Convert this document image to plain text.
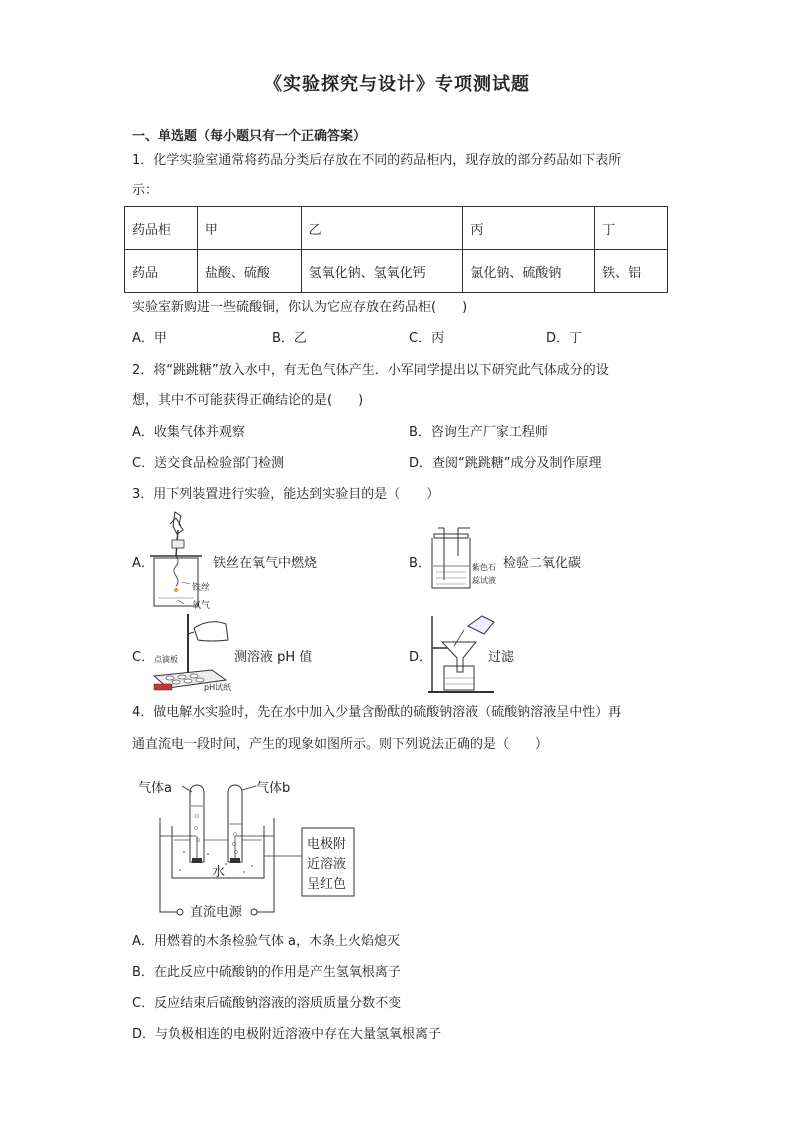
《实验探究与设计》专项测试题
一、单选题（每小题只有一个正确答案）
1．化学实验室通常将药品分类后存放在不同的药品柜内，现存放的部分药品如下表所
示：
药品柜	甲	乙	丙	丁
药品	盐酸、硫酸	氢氧化钠、氢氧化钙	氯化钠、硫酸钠	铁、铝
实验室新购进一些硫酸铜，你认为它应存放在药品柜(　　)
A．甲	B．乙	C．丙	D．丁
2．将“跳跳糖”放入水中，有无色气体产生．小军同学提出以下研究此气体成分的设
想，其中不可能获得正确结论的是(　　)
A．收集气体并观察	B．咨询生产厂家工程师
C．送交食品检验部门检测	D．查阅“跳跳糖”成分及制作原理
3．用下列装置进行实验，能达到实验目的是（　　）
A．
铁丝
氧气
铁丝在氧气中燃烧	B．	紫色石
蕊试液
检验二氧化碳
C． 点滴板
pH试纸
测溶液 pH 值	D．	过滤
4．做电解水实验时，先在水中加入少量含酚酞的硫酸钠溶液（硫酸钠溶液呈中性）再
通直流电一段时间，产生的现象如图所示。则下列说法正确的是（　　）
气体a	气体b
水
电极附
近溶液
呈红色
直流电源
A．用燃着的木条检验气体 a，木条上火焰熄灭
B．在此反应中硫酸钠的作用是产生氢氧根离子
C．反应结束后硫酸钠溶液的溶质质量分数不变
D．与负极相连的电极附近溶液中存在大量氢氧根离子
